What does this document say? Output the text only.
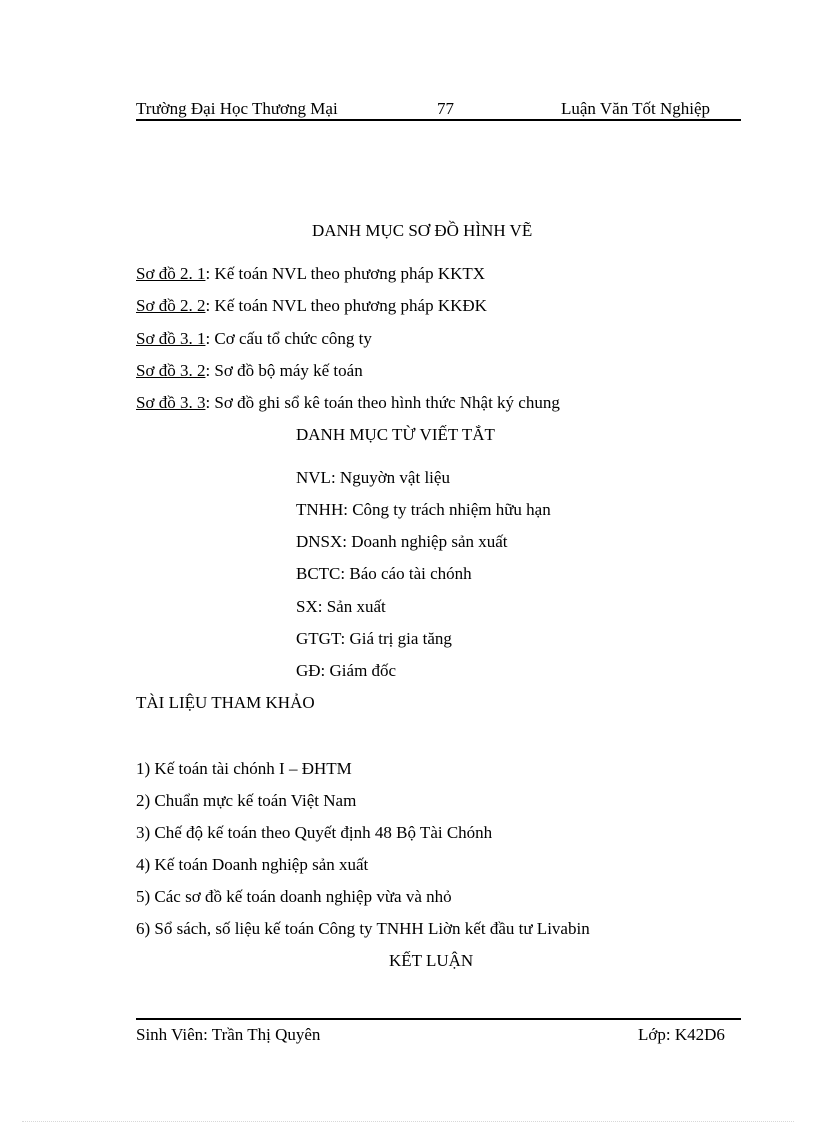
Trường Đại Học Thương Mại	77	Luận Văn Tốt Nghiệp
DANH MỤC SƠ ĐỒ HÌNH VẼ
Sơ đồ 2. 1: Kế toán NVL theo phương pháp KKTX
Sơ đồ 2. 2: Kế toán NVL theo phương pháp KKĐK
Sơ đồ 3. 1: Cơ cấu tổ chức công ty
Sơ đồ 3. 2: Sơ đồ bộ máy kế toán
Sơ đồ 3. 3: Sơ đồ ghi sổ kê toán theo hình thức Nhật ký chung
DANH MỤC TỪ VIẾT TẮT
NVL: Nguyờn vật liệu
TNHH: Công ty trách nhiệm hữu hạn
DNSX: Doanh nghiệp sản xuất
BCTC: Báo cáo tài chónh
SX: Sản xuất
GTGT: Giá trị gia tăng
GĐ: Giám đốc
TÀI LIỆU THAM KHẢO
1) Kế toán tài chónh I – ĐHTM
2) Chuẩn mực kế toán Việt Nam
3) Chế độ kế toán theo Quyết định 48 Bộ Tài Chónh
4) Kế toán Doanh nghiệp sản xuất
5) Các sơ đồ kế toán doanh nghiệp vừa và nhỏ
6) Sổ sách, số liệu kế toán Công ty TNHH Liờn kết đầu tư Livabin
KẾT LUẬN
Sinh Viên: Trần Thị Quyên	Lớp: K42D6
